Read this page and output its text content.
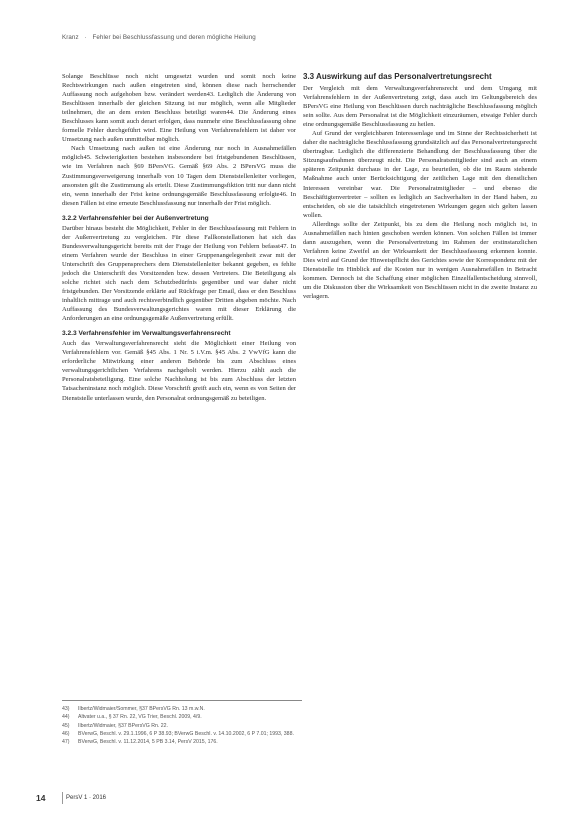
Kranz · Fehler bei Beschlussfassung und deren mögliche Heilung

Solange Beschlüsse noch nicht umgesetzt wurden und somit noch keine Rechtswirkungen nach außen eingetreten sind, können diese nach herrschender Auffassung noch aufgehoben bzw. verändert werden43. Lediglich die Änderung von Beschlüssen innerhalb der gleichen Sitzung ist nur möglich, wenn alle Mitglieder teilnehmen, die an dem ersten Beschluss beteiligt waren44. Die Änderung eines Beschlusses kann somit auch derart erfolgen, dass nunmehr eine Beschlussfassung ohne formelle Fehler durchgeführt wird. Eine Heilung von Verfahrensfehlern ist daher vor Umsetzung nach außen unmittelbar möglich.

Nach Umsetzung nach außen ist eine Änderung nur noch in Ausnahmefällen möglich45. Schwierigkeiten bestehen insbesondere bei fristgebundenen Beschlüssen, wie im Verfahren nach §69 BPersVG. Gemäß §69 Abs. 2 BPersVG muss die Zustimmungsverweigerung innerhalb von 10 Tagen dem Dienststellenleiter vorliegen, ansonsten gilt die Zustimmung als erteilt. Diese Zustimmungsfiktion tritt nur dann nicht ein, wenn innerhalb der Frist keine ordnungsgemäße Beschlussfassung erfolgte46. In diesen Fällen ist eine erneute Beschlussfassung nur innerhalb der Frist möglich.

3.2.2 Verfahrensfehler bei der Außenvertretung

Darüber hinaus besteht die Möglichkeit, Fehler in der Beschlussfassung mit Fehlern in der Außenvertretung zu vergleichen. Für diese Fallkonstellationen hat sich das Bundesverwaltungsgericht bereits mit der Frage der Heilung von Fehlern befasst47. In einem Verfahren wurde der Beschluss in einer Gruppenangelegenheit zwar mit der Unterschrift des Gruppensprechers dem Dienststellenleiter bekannt gegeben, es fehlte jedoch die Unterschrift des Vorsitzenden bzw. dessen Vertreters. Die Beteiligung als solche richtet sich nach dem Schutzbedürfnis gegenüber und war daher nicht fristgebunden. Der Vorsitzende erklärte auf Rückfrage per Email, dass er den Beschluss inhaltlich mittrage und auch rechtsverbindlich gegenüber Dritten abgeben möchte. Nach Auffassung des Bundesverwaltungsgerichtes waren mit dieser Erklärung die Anforderungen an eine ordnungsgemäße Außenvertretung erfüllt.

3.2.3 Verfahrensfehler im Verwaltungsverfahrensrecht

Auch das Verwaltungsverfahrensrecht sieht die Möglichkeit einer Heilung von Verfahrensfehlern vor. Gemäß §45 Abs. 1 Nr. 5 i.V.m. §45 Abs. 2 VwVfG kann die erforderliche Mitwirkung einer anderen Behörde bis zum Abschluss eines verwaltungsgerichtlichen Verfahrens nachgeholt werden. Hierzu zählt auch die Personalratsbeteiligung. Eine solche Nachholung ist bis zum Abschluss der letzten Tatsacheninstanz noch möglich. Diese Vorschrift greift auch ein, wenn es von Seiten der Dienststelle unterlassen wurde, den Personalrat ordnungsgemäß zu beteiligen.

3.3 Auswirkung auf das Personalvertretungsrecht

Der Vergleich mit dem Verwaltungsverfahrensrecht und dem Umgang mit Verfahrensfehlern in der Außenvertretung zeigt, dass auch im Geltungsbereich des BPersVG eine Heilung von Beschlüssen durch nachträgliche Beschlussfassung möglich sein sollte. Aus dem Personalrat ist die Möglichkeit einzuräumen, etwaige Fehler durch eine ordnungsgemäße Beschlussfassung zu heilen.

Auf Grund der vergleichbaren Interessenlage und im Sinne der Rechtssicherheit ist daher die nachträgliche Beschlussfassung grundsätzlich auf das Personalvertretungsrecht übertragbar. Lediglich die differenzierte Behandlung der Beschlussfassung über die Sitzungsaufnahmen überzeugt nicht. Die Personalratsmitglieder sind auch an einem späteren Zeitpunkt durchaus in der Lage, zu beurteilen, ob die im Raum stehende Maßnahme auch unter Berücksichtigung der zeitlichen Lage mit den dienstlichen Interessen vereinbar war. Die Personalratmitglieder – und ebenso die Beschäftigtenvertreter – sollten es lediglich an Sachverhalten in der Hand haben, zu entscheiden, ob sie die tatsächlich eingetretenen Wirkungen gegen sich gelten lassen wollen.

Allerdings sollte der Zeitpunkt, bis zu dem die Heilung noch möglich ist, in Ausnahmefällen nach hinten geschoben werden können. Von solchen Fällen ist immer dann auszugehen, wenn die Personalvertretung im Rahmen der erstinstanzlichen Verfahren keine Zweifel an der Wirksamkeit der Beschlussfassung erkennen konnte. Dies wird auf Grund der Hinweispflicht des Gerichtes sowie der Korrespondenz mit der Dienststelle im Hinblick auf die Kosten nur in wenigen Ausnahmefällen in Betracht kommen. Dennoch ist die Schaffung einer möglichen Einzelfallentscheidung sinnvoll, um die Diskussion über die Wirksamkeit von Beschlüssen nicht in die zweite Instanz zu verlagern.

43)	Ilbertz/Widmaier/Sommer, §37 BPersVG Rn. 13 m.w.N.
44)	Altvater u.a., § 37 Rn. 22, VG Trier, Beschl. 2009, 4/9.
45)	Ilbertz/Widmaier, §37 BPersVG Rn. 22.
46)	BVerwG, Beschl. v. 29.1.1996, 6 P 38.93; BVerwG Beschl. v. 14.10.2002, 6 P 7.01; 1993, 388.
47)	BVerwG, Beschl. v. 11.12.2014, 5 PB 3.14, PersV 2015, 176.
14	PersV 1 · 2016
